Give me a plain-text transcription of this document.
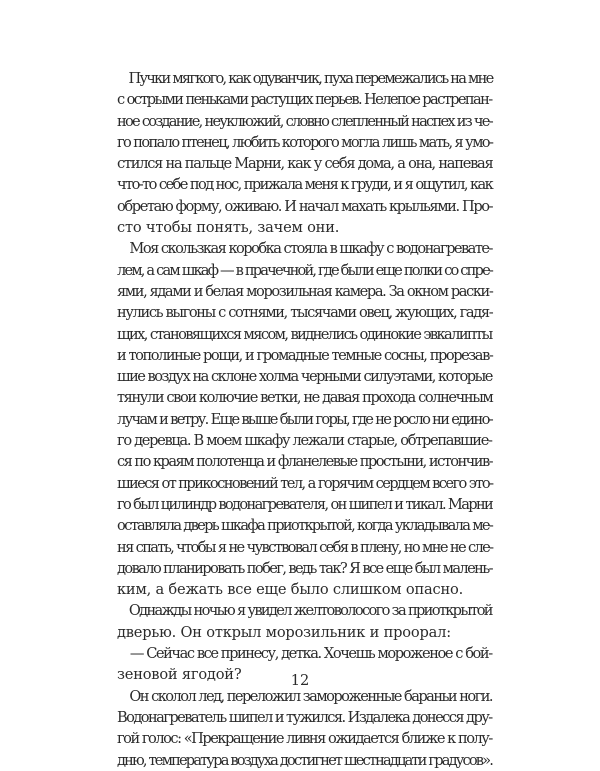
Пучки мягкого, как одуванчик, пуха перемежались на мне
с острыми пеньками растущих перьев. Нелепое растрепан-
ное создание, неуклюжий, словно слепленный наспех из че-
го попало птенец, любить которого могла лишь мать, я умо-
стился на пальце Марни, как у себя дома, а она, напевая
что-то себе под нос, прижала меня к груди, и я ощутил, как
обретаю форму, оживаю. И начал махать крыльями. Про-
сто чтобы понять, зачем они.

Моя скользкая коробка стояла в шкафу с водонагревате-
лем, а сам шкаф — в прачечной, где были еще полки со спре-
ями, ядами и белая морозильная камера. За окном раски-
нулись выгоны с сотнями, тысячами овец, жующих, гадя-
щих, становящихся мясом, виднелись одинокие эвкалипты
и тополиные рощи, и громадные темные сосны, прорезав-
шие воздух на склоне холма черными силуэтами, которые
тянули свои колючие ветки, не давая прохода солнечным
лучам и ветру. Еще выше были горы, где не росло ни едино-
го деревца. В моем шкафу лежали старые, обтрепавшие-
ся по краям полотенца и фланелевые простыни, истончив-
шиеся от прикосновений тел, а горячим сердцем всего это-
го был цилиндр водонагревателя, он шипел и тикал. Марни
оставляла дверь шкафа приоткрытой, когда укладывала ме-
ня спать, чтобы я не чувствовал себя в плену, но мне не сле-
довало планировать побег, ведь так? Я все еще был малень-
ким, а бежать все еще было слишком опасно.

Однажды ночью я увидел желтоволосого за приоткрытой
дверью. Он открыл морозильник и проорал:

— Сейчас все принесу, детка. Хочешь мороженое с бой-
зеновой ягодой?

Он сколол лед, переложил замороженные бараньи ноги.
Водонагреватель шипел и тужился. Издалека донесся дру-
гой голос: «Прекращение ливня ожидается ближе к полу-
дню, температура воздуха достигнет шестнадцати градусов».

12
